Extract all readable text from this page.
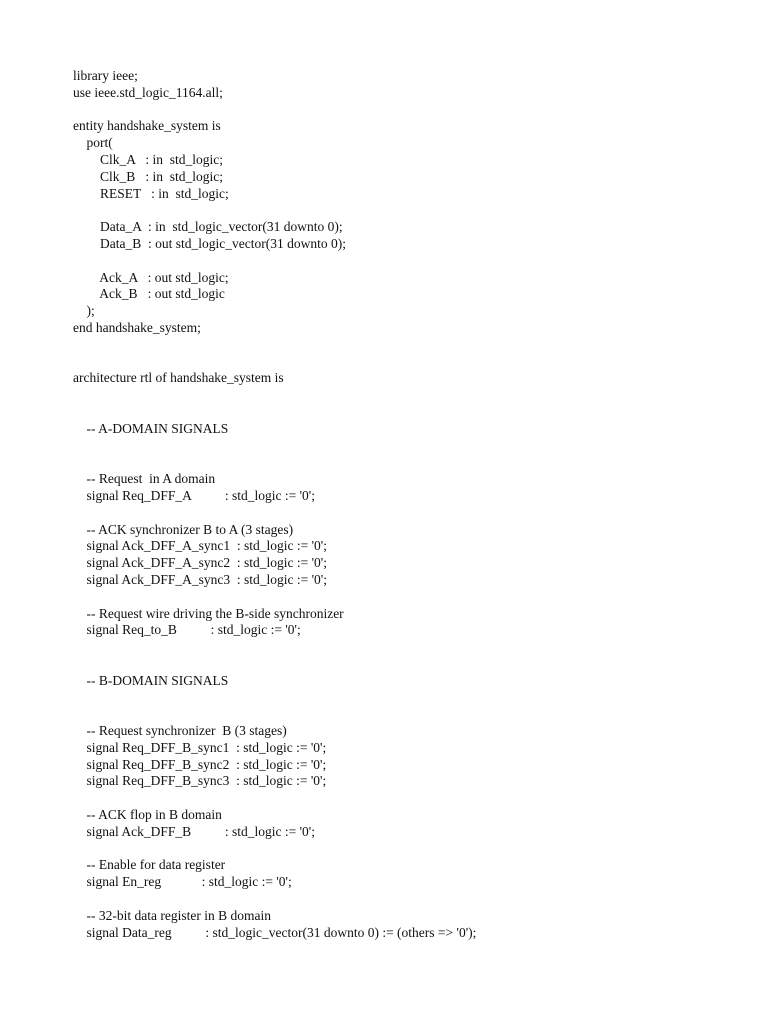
library ieee;
use ieee.std_logic_1164.all;
entity handshake_system is
port(
Clk_A   : in  std_logic;
Clk_B   : in  std_logic;
RESET   : in  std_logic;
Data_A  : in  std_logic_vector(31 downto 0);
Data_B  : out std_logic_vector(31 downto 0);
Ack_A   : out std_logic;
Ack_B   : out std_logic
);
end handshake_system;
architecture rtl of handshake_system is
-- A-DOMAIN SIGNALS
-- Request  in A domain
signal Req_DFF_A          : std_logic := '0';
-- ACK synchronizer B to A (3 stages)
signal Ack_DFF_A_sync1  : std_logic := '0';
signal Ack_DFF_A_sync2  : std_logic := '0';
signal Ack_DFF_A_sync3  : std_logic := '0';
-- Request wire driving the B-side synchronizer
signal Req_to_B          : std_logic := '0';
-- B-DOMAIN SIGNALS
-- Request synchronizer  B (3 stages)
signal Req_DFF_B_sync1  : std_logic := '0';
signal Req_DFF_B_sync2  : std_logic := '0';
signal Req_DFF_B_sync3  : std_logic := '0';
-- ACK flop in B domain
signal Ack_DFF_B          : std_logic := '0';
-- Enable for data register
signal En_reg            : std_logic := '0';
-- 32-bit data register in B domain
signal Data_reg          : std_logic_vector(31 downto 0) := (others => '0');
